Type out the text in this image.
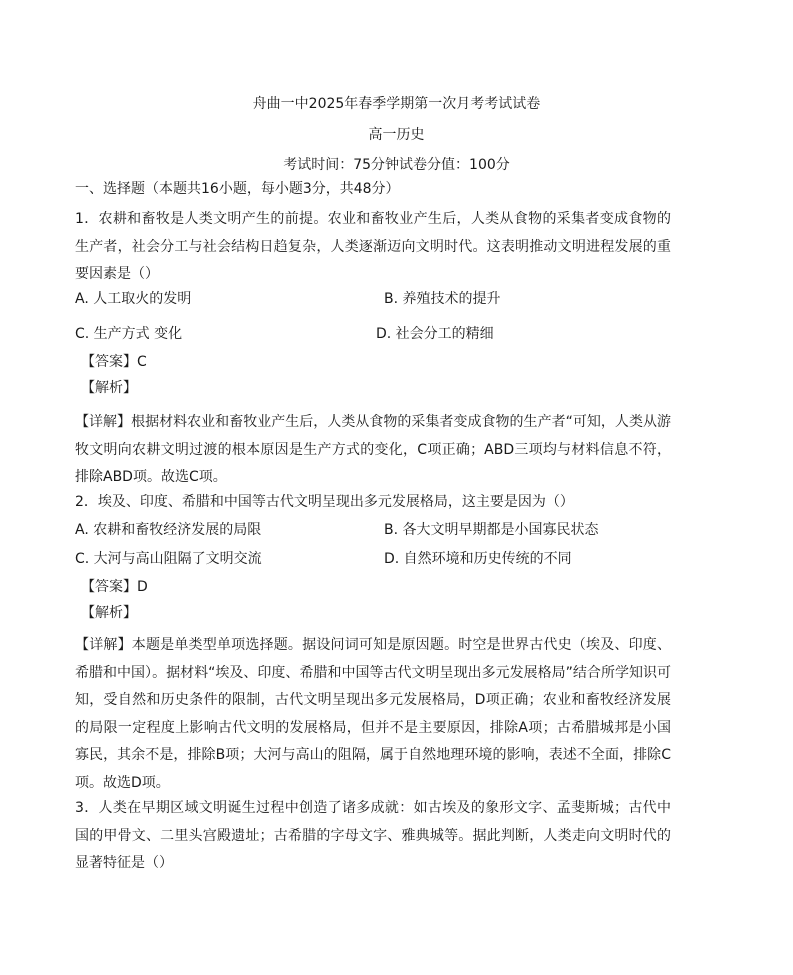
舟曲一中2025年春季学期第一次月考考试试卷

高一历史

考试时间：75分钟试卷分值：100分

一、选择题（本题共16小题，每小题3分，共48分）

1．农耕和畜牧是人类文明产生的前提。农业和畜牧业产生后，人类从食物的采集者变成食物的生产者，社会分工与社会结构日趋复杂，人类逐渐迈向文明时代。这表明推动文明进程发展的重要因素是（）

A. 人工取火的发明	B. 养殖技术的提升

C. 生产方式 变化	D. 社会分工的精细

【答案】C

【解析】

【详解】根据材料农业和畜牧业产生后，人类从食物的采集者变成食物的生产者“可知，人类从游牧文明向农耕文明过渡的根本原因是生产方式的变化，C项正确；ABD三项均与材料信息不符，排除ABD项。故选C项。

2．埃及、印度、希腊和中国等古代文明呈现出多元发展格局，这主要是因为（）

A. 农耕和畜牧经济发展的局限	B. 各大文明早期都是小国寡民状态

C. 大河与高山阻隔了文明交流	D. 自然环境和历史传统的不同

【答案】D

【解析】

【详解】本题是单类型单项选择题。据设问词可知是原因题。时空是世界古代史（埃及、印度、希腊和中国）。据材料“埃及、印度、希腊和中国等古代文明呈现出多元发展格局”结合所学知识可知，受自然和历史条件的限制，古代文明呈现出多元发展格局，D项正确；农业和畜牧经济发展的局限一定程度上影响古代文明的发展格局，但并不是主要原因，排除A项；古希腊城邦是小国寡民，其余不是，排除B项；大河与高山的阻隔，属于自然地理环境的影响，表述不全面，排除C项。故选D项。

3．人类在早期区域文明诞生过程中创造了诸多成就：如古埃及的象形文字、孟斐斯城；古代中国的甲骨文、二里头宫殿遗址；古希腊的字母文字、雅典城等。据此判断，人类走向文明时代的显著特征是（）
